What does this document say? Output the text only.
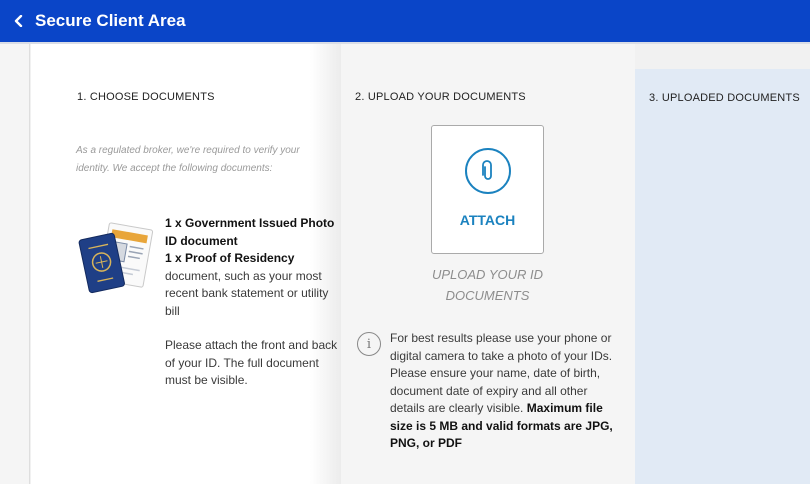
Secure Client Area
1. CHOOSE DOCUMENTS	2. UPLOAD YOUR DOCUMENTS	3. UPLOADED DOCUMENTS
As a regulated broker, we're required to verify your identity. We accept the following documents:
1 x Government Issued Photo ID document
1 x Proof of Residency
document, such as your most recent bank statement or utility bill
Please attach the front and back of your ID. The full document must be visible.
ATTACH
UPLOAD YOUR ID DOCUMENTS
i	For best results please use your phone or digital camera to take a photo of your IDs. Please ensure your name, date of birth, document date of expiry and all other details are clearly visible. Maximum file size is 5 MB and valid formats are JPG, PNG, or PDF
